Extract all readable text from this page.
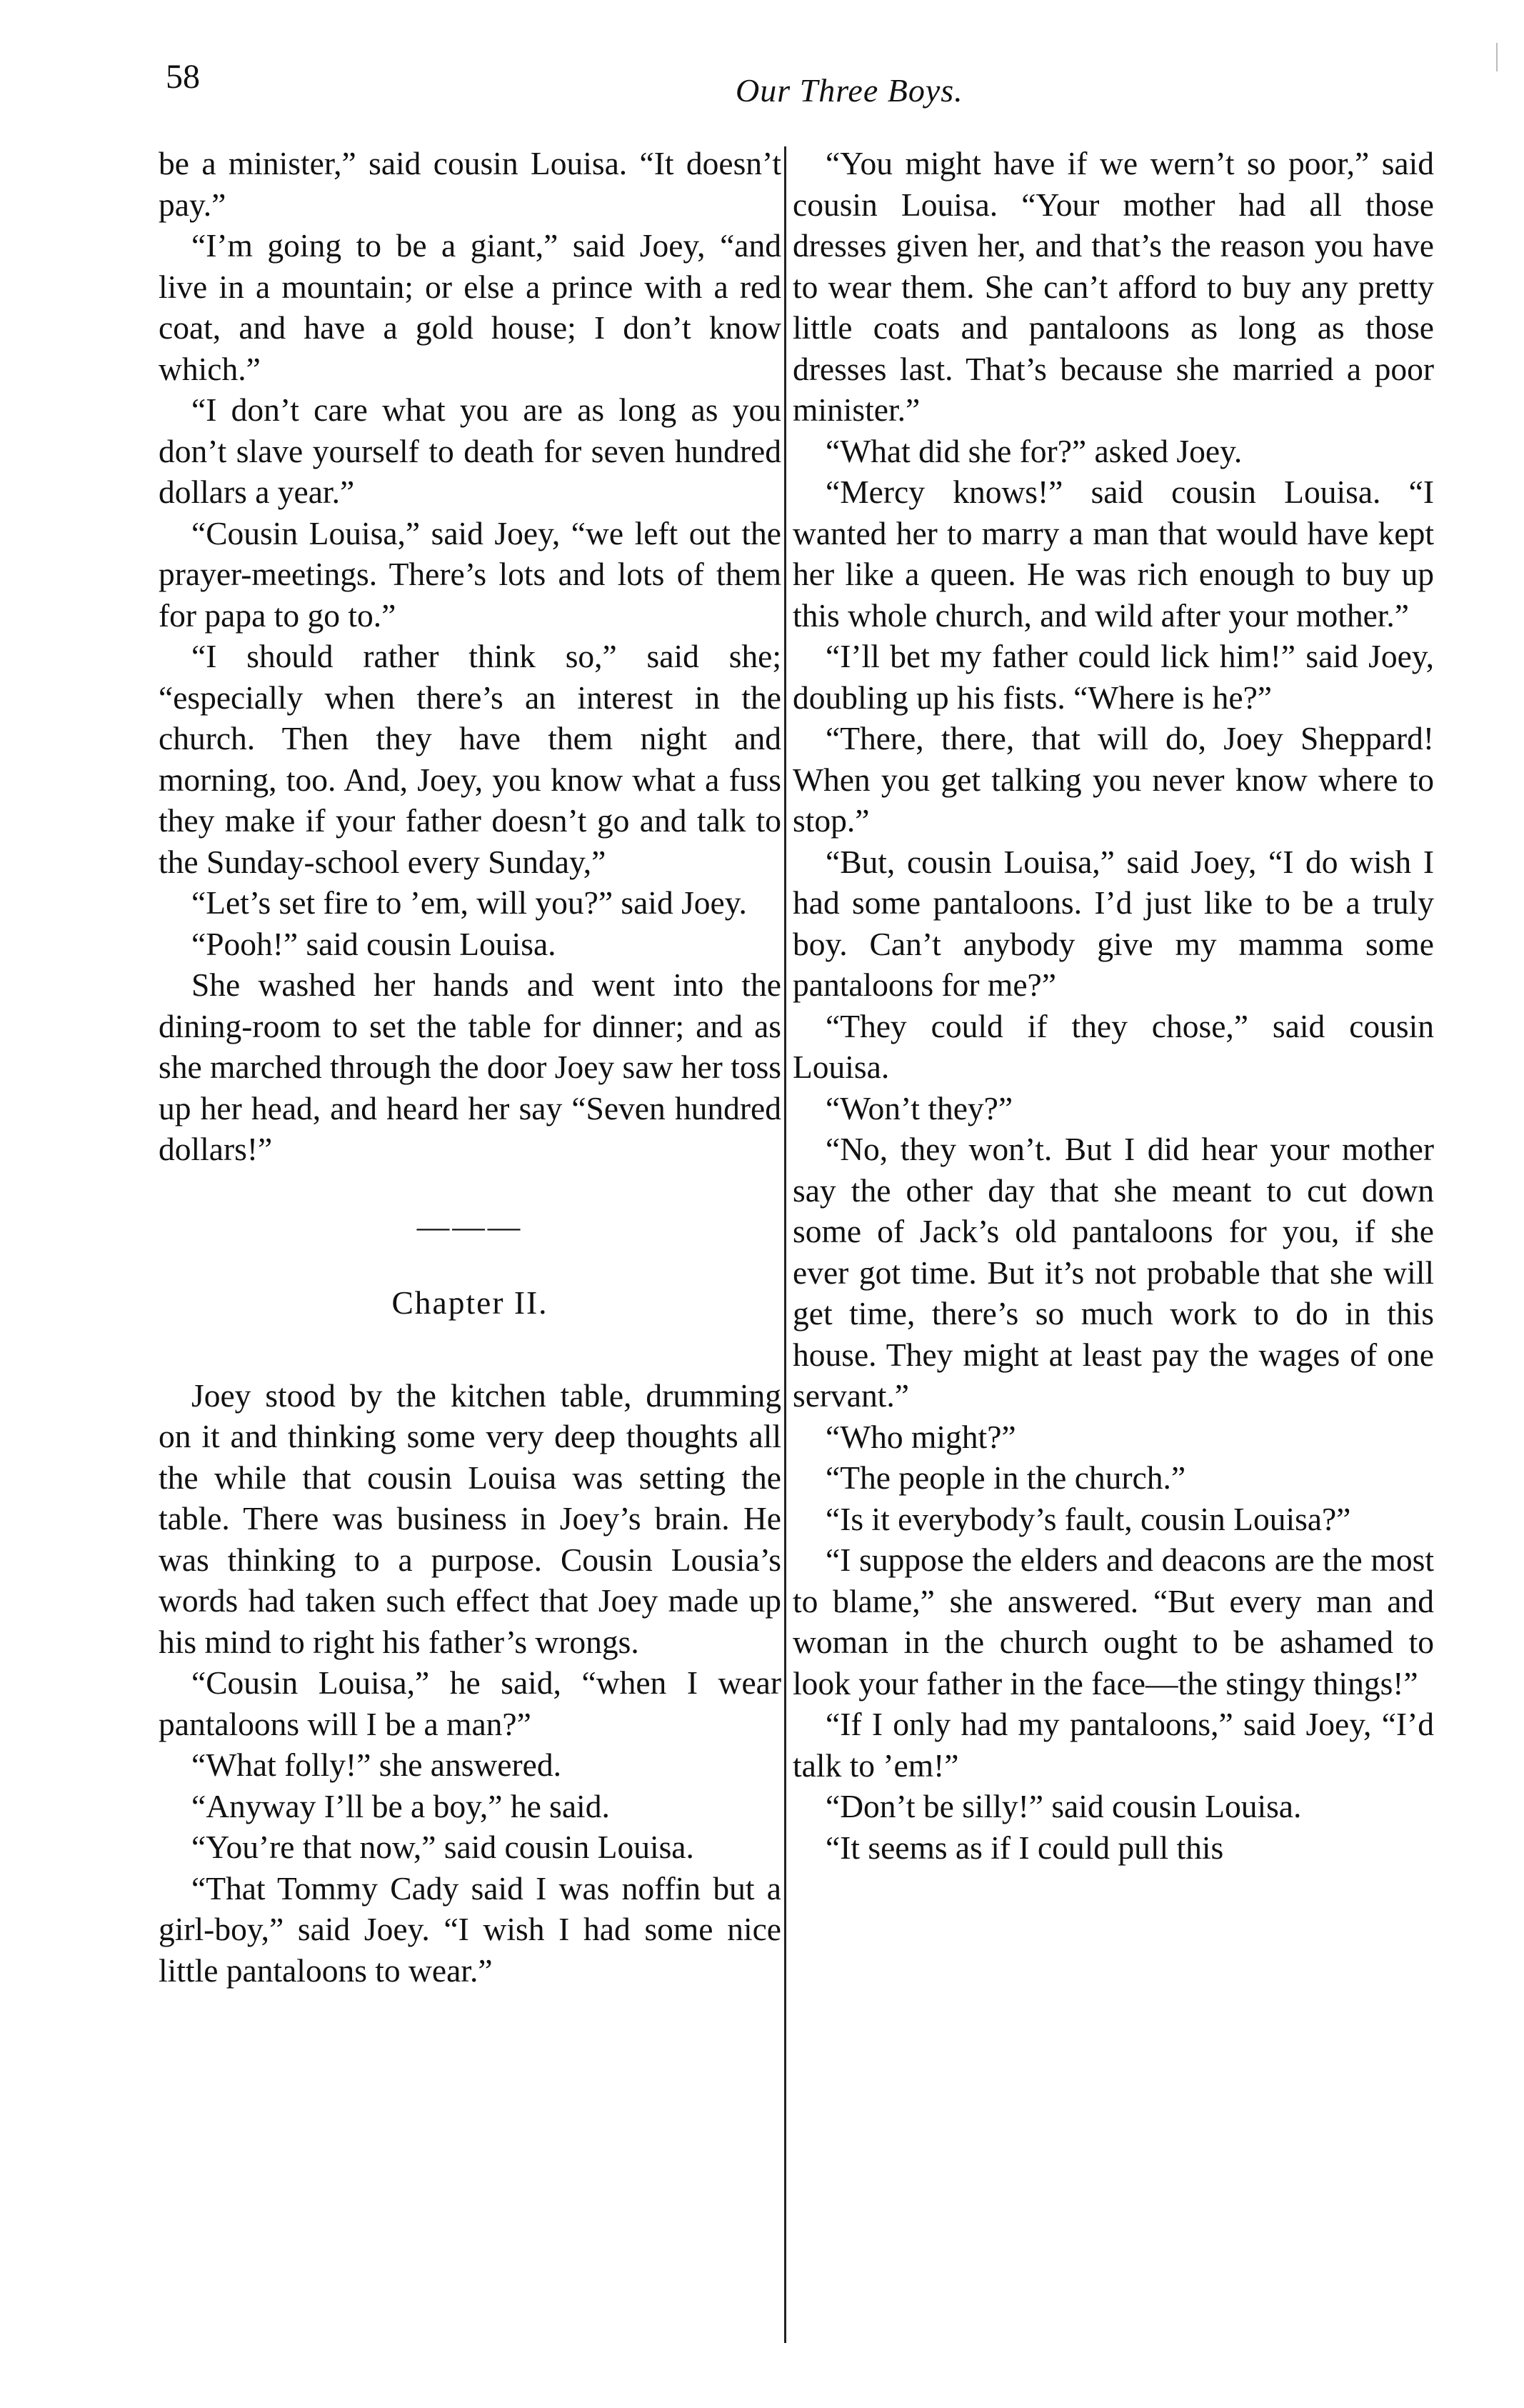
58	Our Three Boys.

be a minister,” said cousin Louisa. “It doesn’t pay.”

“I’m going to be a giant,” said Joey, “and live in a mountain; or else a prince with a red coat, and have a gold house; I don’t know which.”

“I don’t care what you are as long as you don’t slave yourself to death for seven hundred dollars a year.”

“Cousin Louisa,” said Joey, “we left out the prayer-meetings. There’s lots and lots of them for papa to go to.”

“I should rather think so,” said she; “especially when there’s an interest in the church. Then they have them night and morning, too. And, Joey, you know what a fuss they make if your father doesn’t go and talk to the Sunday-school every Sunday,”

“Let’s set fire to ’em, will you?” said Joey.

“Pooh!” said cousin Louisa.

She washed her hands and went into the dining-room to set the table for dinner; and as she marched through the door Joey saw her toss up her head, and heard her say “Seven hundred dollars!”

———

Chapter II.

Joey stood by the kitchen table, drumming on it and thinking some very deep thoughts all the while that cousin Louisa was setting the table. There was business in Joey’s brain. He was thinking to a purpose. Cousin Lousia’s words had taken such effect that Joey made up his mind to right his father’s wrongs.

“Cousin Louisa,” he said, “when I wear pantaloons will I be a man?”

“What folly!” she answered.

“Anyway I’ll be a boy,” he said.

“You’re that now,” said cousin Louisa.

“That Tommy Cady said I was noffin but a girl-boy,” said Joey. “I wish I had some nice little pantaloons to wear.”

“You might have if we wern’t so poor,” said cousin Louisa. “Your mother had all those dresses given her, and that’s the reason you have to wear them. She can’t afford to buy any pretty little coats and pantaloons as long as those dresses last. That’s because she married a poor minister.”

“What did she for?” asked Joey.

“Mercy knows!” said cousin Louisa. “I wanted her to marry a man that would have kept her like a queen. He was rich enough to buy up this whole church, and wild after your mother.”

“I’ll bet my father could lick him!” said Joey, doubling up his fists. “Where is he?”

“There, there, that will do, Joey Sheppard! When you get talking you never know where to stop.”

“But, cousin Louisa,” said Joey, “I do wish I had some pantaloons. I’d just like to be a truly boy. Can’t anybody give my mamma some pantaloons for me?”

“They could if they chose,” said cousin Louisa.

“Won’t they?”

“No, they won’t. But I did hear your mother say the other day that she meant to cut down some of Jack’s old pantaloons for you, if she ever got time. But it’s not probable that she will get time, there’s so much work to do in this house. They might at least pay the wages of one servant.”

“Who might?”

“The people in the church.”

“Is it everybody’s fault, cousin Louisa?”

“I suppose the elders and deacons are the most to blame,” she answered. “But every man and woman in the church ought to be ashamed to look your father in the face—the stingy things!”

“If I only had my pantaloons,” said Joey, “I’d talk to ’em!”

“Don’t be silly!” said cousin Louisa.

“It seems as if I could pull this
